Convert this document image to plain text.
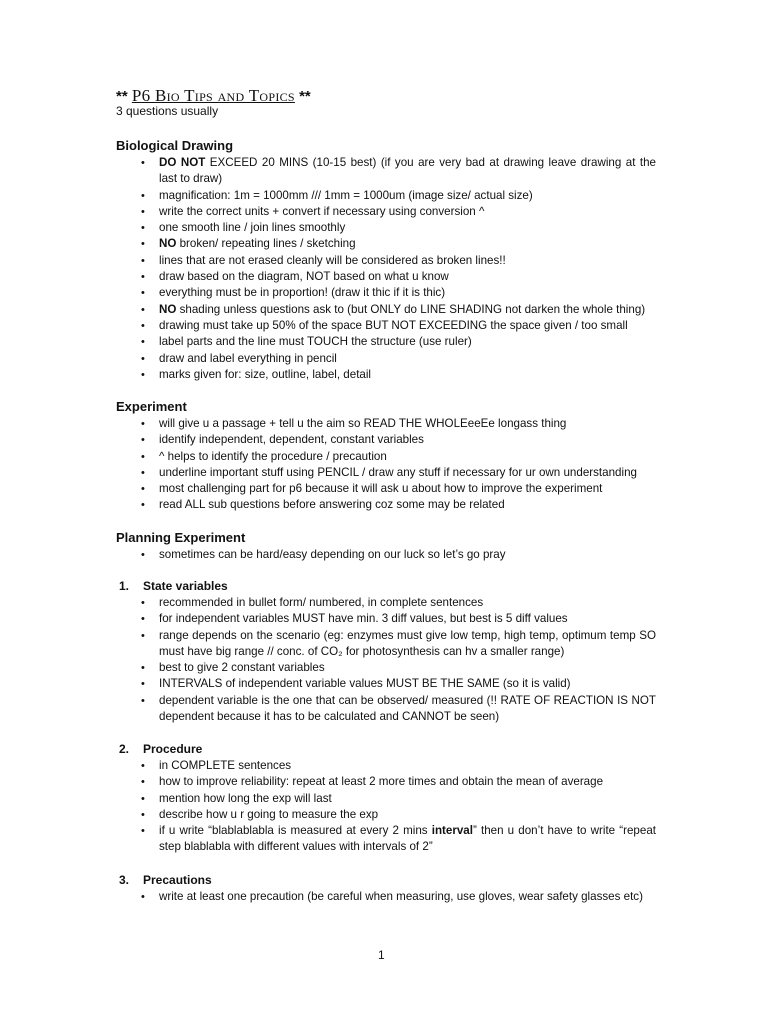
** P6 Bio Tips and Topics **
3 questions usually
Biological Drawing
• DO NOT EXCEED 20 MINS (10-15 best) (if you are very bad at drawing leave drawing at the last to draw)
• magnification: 1m = 1000mm /// 1mm = 1000um (image size/ actual size)
• write the correct units + convert if necessary using conversion ^
• one smooth line / join lines smoothly
• NO broken/ repeating lines / sketching
• lines that are not erased cleanly will be considered as broken lines!!
• draw based on the diagram, NOT based on what u know
• everything must be in proportion! (draw it thic if it is thic)
• NO shading unless questions ask to (but ONLY do LINE SHADING not darken the whole thing)
• drawing must take up 50% of the space BUT NOT EXCEEDING the space given / too small
• label parts and the line must TOUCH the structure (use ruler)
• draw and label everything in pencil
• marks given for: size, outline, label, detail
Experiment
• will give u a passage + tell u the aim so READ THE WHOLEeeEe longass thing
• identify independent, dependent, constant variables
• ^ helps to identify the procedure / precaution
• underline important stuff using PENCIL / draw any stuff if necessary for ur own understanding
• most challenging part for p6 because it will ask u about how to improve the experiment
• read ALL sub questions before answering coz some may be related
Planning Experiment
• sometimes can be hard/easy depending on our luck so let’s go pray
1. State variables
• recommended in bullet form/ numbered, in complete sentences
• for independent variables MUST have min. 3 diff values, but best is 5 diff values
• range depends on the scenario (eg: enzymes must give low temp, high temp, optimum temp SO must have big range // conc. of CO₂ for photosynthesis can hv a smaller range)
• best to give 2 constant variables
• INTERVALS of independent variable values MUST BE THE SAME (so it is valid)
• dependent variable is the one that can be observed/ measured (!! RATE OF REACTION IS NOT dependent because it has to be calculated and CANNOT be seen)
2. Procedure
• in COMPLETE sentences
• how to improve reliability: repeat at least 2 more times and obtain the mean of average
• mention how long the exp will last
• describe how u r going to measure the exp
• if u write “blablablabla is measured at every 2 mins interval” then u don’t have to write “repeat step blablabla with different values with intervals of 2”
3. Precautions
• write at least one precaution (be careful when measuring, use gloves, wear safety glasses etc)
1
